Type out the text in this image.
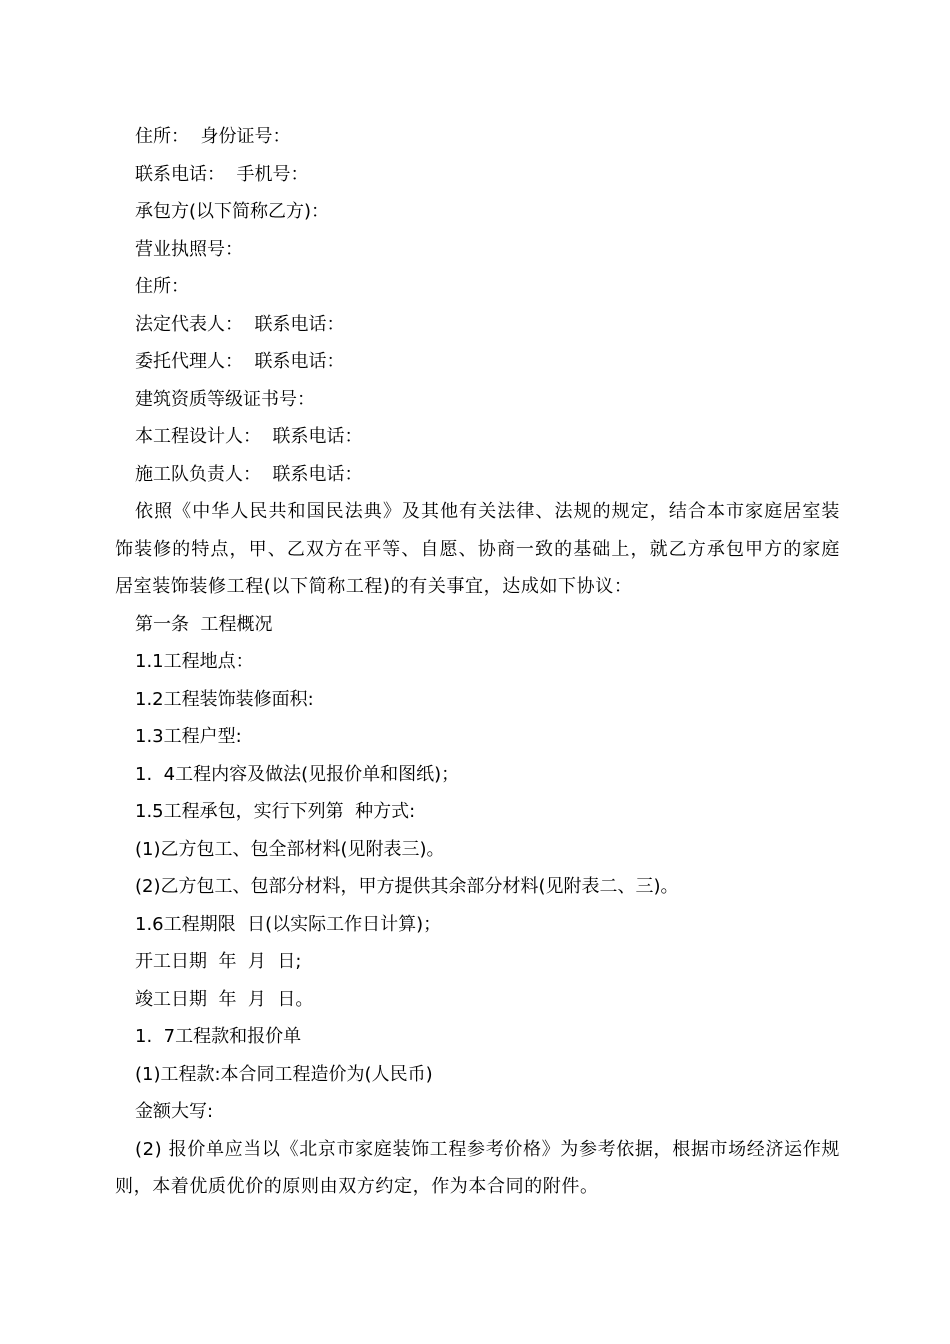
住所：  身份证号：
联系电话：  手机号：
承包方(以下简称乙方)：
营业执照号：
住所：
法定代表人：  联系电话：
委托代理人：  联系电话：
建筑资质等级证书号：
本工程设计人：  联系电话：
施工队负责人：  联系电话：
依照《中华人民共和国民法典》及其他有关法律、法规的规定，结合本市家庭居室装饰装修的特点，甲、乙双方在平等、自愿、协商一致的基础上，就乙方承包甲方的家庭居室装饰装修工程(以下简称工程)的有关事宜，达成如下协议：
第一条  工程概况
1.1工程地点：
1.2工程装饰装修面积:
1.3工程户型:
1.  4工程内容及做法(见报价单和图纸)；
1.5工程承包，实行下列第  种方式:
(1)乙方包工、包全部材料(见附表三)。
(2)乙方包工、包部分材料，甲方提供其余部分材料(见附表二、三)。
1.6工程期限  日(以实际工作日计算)；
开工日期  年  月  日;
竣工日期  年  月  日。
1.  7工程款和报价单
(1)工程款:本合同工程造价为(人民币)
金额大写:
(2) 报价单应当以《北京市家庭装饰工程参考价格》为参考依据，根据市场经济运作规则，本着优质优价的原则由双方约定，作为本合同的附件。
